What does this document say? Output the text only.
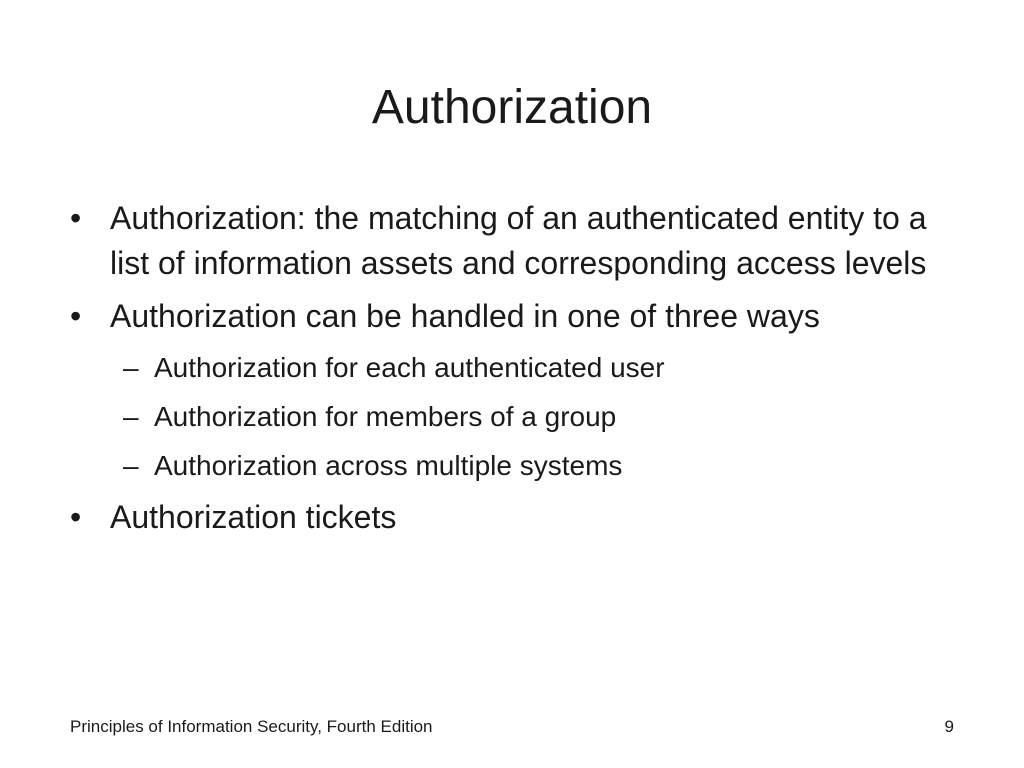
Authorization
• Authorization: the matching of an authenticated entity to a list of information assets and corresponding access levels
• Authorization can be handled in one of three ways
– Authorization for each authenticated user
– Authorization for members of a group
– Authorization across multiple systems
• Authorization tickets
Principles of Information Security, Fourth Edition	9
